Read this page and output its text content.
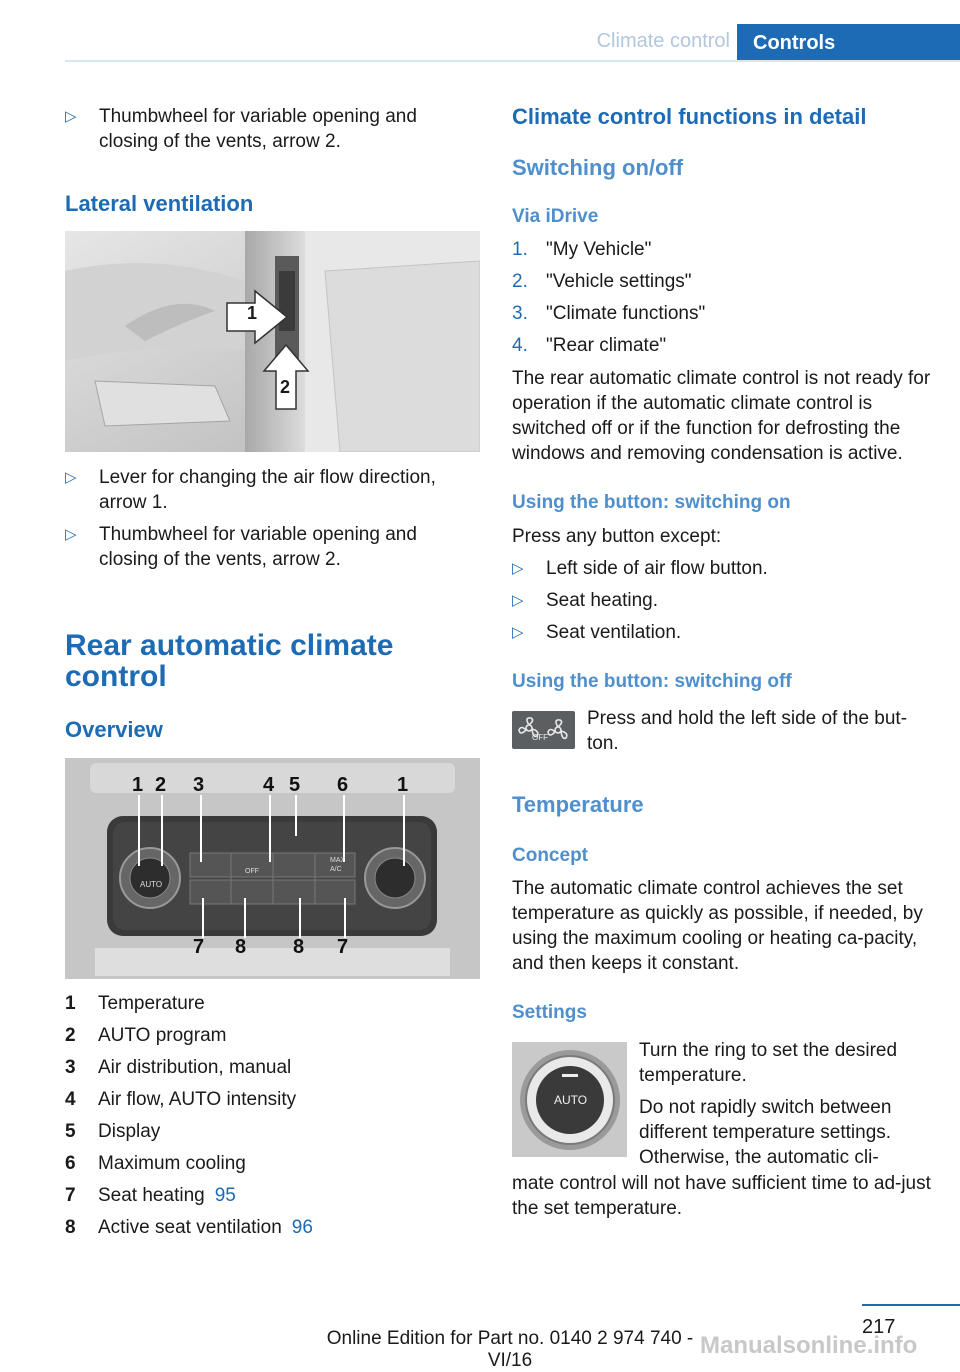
Climate control	Controls
▷ Thumbwheel for variable opening and closing of the vents, arrow 2.
Lateral ventilation
1
2
▷ Lever for changing the air flow direction, arrow 1.
▷ Thumbwheel for variable opening and closing of the vents, arrow 2.
Rear automatic climate
control
Overview
1 2 3	4 5 6 1
7 8 8 7
AUTO
OFF
MAX
A/C
1 Temperature
2 AUTO program
3 Air distribution, manual
4 Air flow, AUTO intensity
5 Display
6 Maximum cooling
7 Seat heating 95
8 Active seat ventilation 96
Climate control functions in detail
Switching on/off
Via iDrive
1. "My Vehicle"
2. "Vehicle settings"
3. "Climate functions"
4. "Rear climate"
The rear automatic climate control is not ready for operation if the automatic climate control is switched off or if the function for defrosting the windows and removing condensation is active.
Using the button: switching on
Press any button except:
▷ Left side of air flow button.
▷ Seat heating.
▷ Seat ventilation.
Using the button: switching off
OFF
Press and hold the left side of the but-ton.
Temperature
Concept
The automatic climate control achieves the set temperature as quickly as possible, if needed, by using the maximum cooling or heating ca-pacity, and then keeps it constant.
Settings
AUTO
Turn the ring to set the desired temperature.
Do not rapidly switch between different temperature settings. Otherwise, the automatic cli-
mate control will not have sufficient time to ad-just the set temperature.
217
Online Edition for Part no. 0140 2 974 740 - VI/16
Manualsonline.info
